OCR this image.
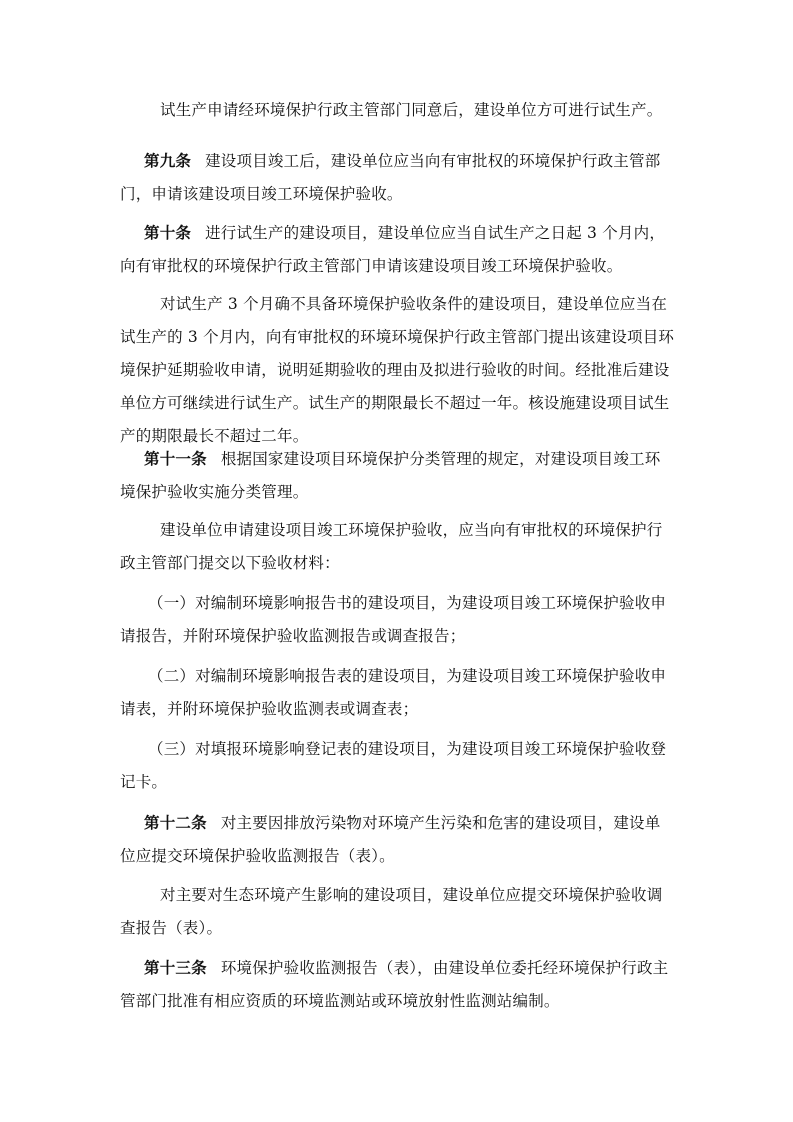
试生产申请经环境保护行政主管部门同意后，建设单位方可进行试生产。

第九条 建设项目竣工后，建设单位应当向有审批权的环境保护行政主管部门，申请该建设项目竣工环境保护验收。

第十条 进行试生产的建设项目，建设单位应当自试生产之日起 3 个月内，向有审批权的环境保护行政主管部门申请该建设项目竣工环境保护验收。

对试生产 3 个月确不具备环境保护验收条件的建设项目，建设单位应当在试生产的 3 个月内，向有审批权的环境环境保护行政主管部门提出该建设项目环境保护延期验收申请，说明延期验收的理由及拟进行验收的时间。经批准后建设单位方可继续进行试生产。试生产的期限最长不超过一年。核设施建设项目试生产的期限最长不超过二年。

第十一条 根据国家建设项目环境保护分类管理的规定，对建设项目竣工环境保护验收实施分类管理。

建设单位申请建设项目竣工环境保护验收，应当向有审批权的环境保护行政主管部门提交以下验收材料：

（一）对编制环境影响报告书的建设项目，为建设项目竣工环境保护验收申请报告，并附环境保护验收监测报告或调查报告；

（二）对编制环境影响报告表的建设项目，为建设项目竣工环境保护验收申请表，并附环境保护验收监测表或调查表；

（三）对填报环境影响登记表的建设项目，为建设项目竣工环境保护验收登记卡。

第十二条 对主要因排放污染物对环境产生污染和危害的建设项目，建设单位应提交环境保护验收监测报告（表）。

对主要对生态环境产生影响的建设项目，建设单位应提交环境保护验收调查报告（表）。

第十三条 环境保护验收监测报告（表），由建设单位委托经环境保护行政主管部门批准有相应资质的环境监测站或环境放射性监测站编制。
